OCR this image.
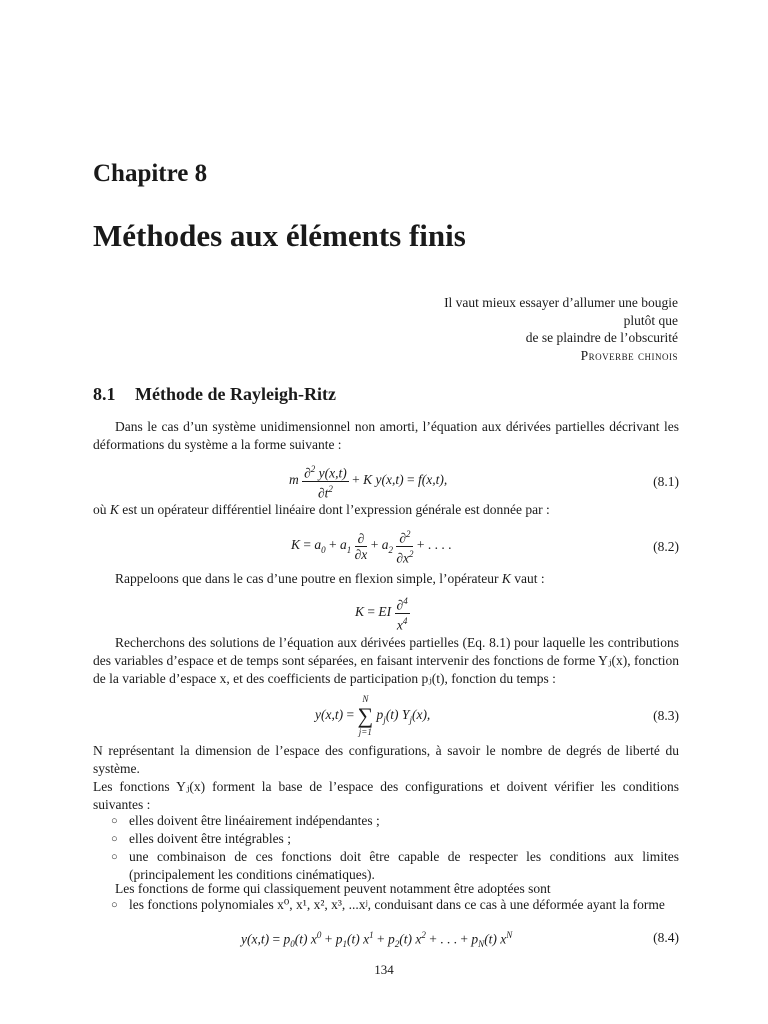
Chapitre 8
Méthodes aux éléments finis
Il vaut mieux essayer d’allumer une bougie
plutôt que
de se plaindre de l’obscurité
Proverbe chinois
8.1 Méthode de Rayleigh-Ritz
Dans le cas d’un système unidimensionnel non amorti, l’équation aux dérivées partielles décrivant les déformations du système a la forme suivante :
m $\frac{\partial^2 y(x,t)}{\partial t^2} + K$ y(x,t) = f(x,t),	(8.1)
où K est un opérateur différentiel linéaire dont l’expression générale est donnée par :
$K = a_0 + a_1 \frac{\partial}{\partial x} + a_2 \frac{\partial^2}{\partial x^2}$ + . . . .	(8.2)
Rappeloons que dans le cas d’une poutre en flexion simple, l’opérateur K vaut :
K = EI $\frac{\partial^4}{x^4}$
Recherchons des solutions de l’équation aux dérivées partielles (Eq. 8.1) pour laquelle les contributions des variables d’espace et de temps sont séparées, en faisant intervenir des fonctions de forme Yⱼ(x), fonction de la variable d’espace x, et des coefficients de participation pⱼ(t), fonction du temps :
y(x,t) =
N
∑
j=1
$p_j(t)$ $Y_j(x)$,	(8.3)
N représentant la dimension de l’espace des configurations, à savoir le nombre de degrés de liberté du système.
Les fonctions Yⱼ(x) forment la base de l’espace des configurations et doivent vérifier les conditions suivantes :
○ elles doivent être linéairement indépendantes ;
○ elles doivent être intégrables ;
○ une combinaison de ces fonctions doit être capable de respecter les conditions aux limites (principalement les conditions cinématiques).
Les fonctions de forme qui classiquement peuvent notamment être adoptées sont
○ les fonctions polynomiales x⁰, x¹, x², x³, ...xʲ, conduisant dans ce cas à une déformée ayant la forme
$y(x,t) = p_0(t) x^0 + p_1(t) x^1 + p_2(t) x^2$ + . . . + $p_N(t)$ $x^N$	(8.4)
134
